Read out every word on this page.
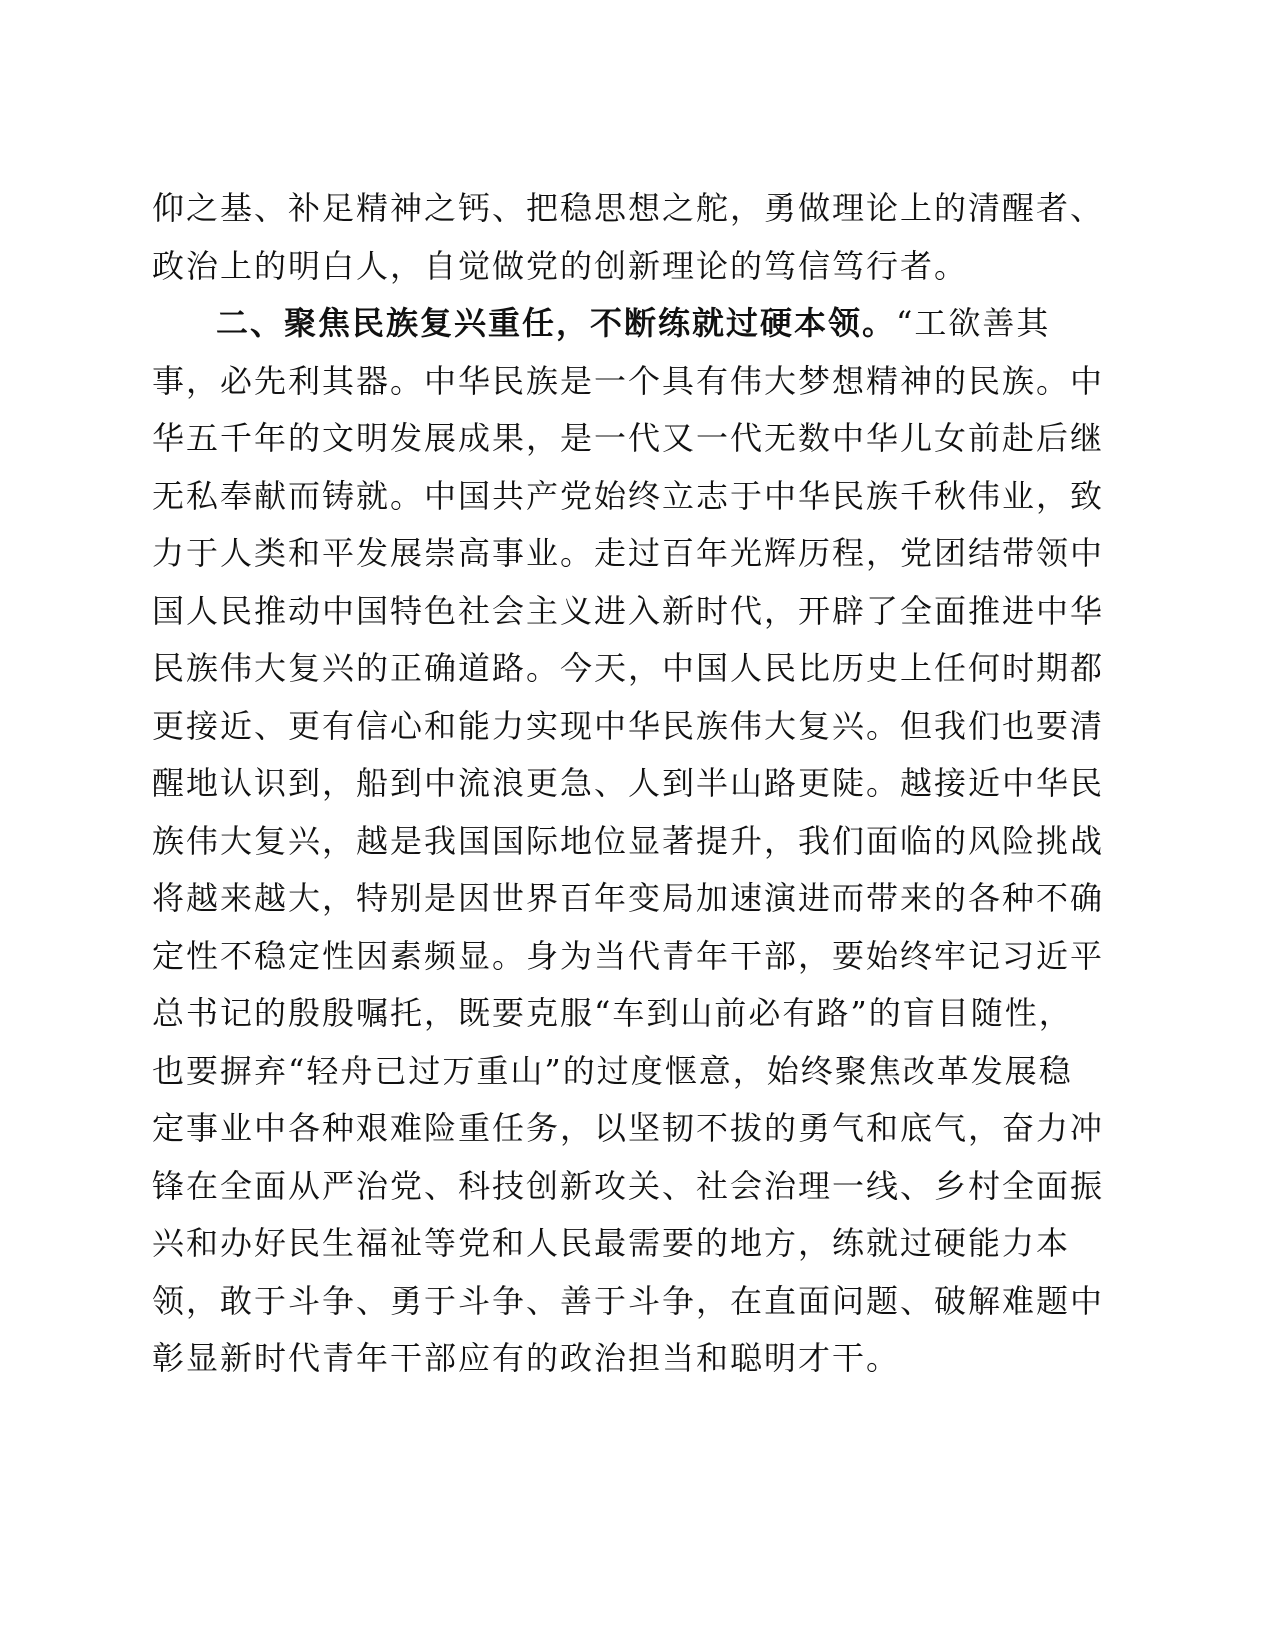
仰之基、补足精神之钙、把稳思想之舵，勇做理论上的清醒者、
政治上的明白人，自觉做党的创新理论的笃信笃行者。
二、聚焦民族复兴重任，不断练就过硬本领。“工欲善其
事，必先利其器。中华民族是一个具有伟大梦想精神的民族。中
华五千年的文明发展成果，是一代又一代无数中华儿女前赴后继
无私奉献而铸就。中国共产党始终立志于中华民族千秋伟业，致
力于人类和平发展崇高事业。走过百年光辉历程，党团结带领中
国人民推动中国特色社会主义进入新时代，开辟了全面推进中华
民族伟大复兴的正确道路。今天，中国人民比历史上任何时期都
更接近、更有信心和能力实现中华民族伟大复兴。但我们也要清
醒地认识到，船到中流浪更急、人到半山路更陡。越接近中华民
族伟大复兴，越是我国国际地位显著提升，我们面临的风险挑战
将越来越大，特别是因世界百年变局加速演进而带来的各种不确
定性不稳定性因素频显。身为当代青年干部，要始终牢记习近平
总书记的殷殷嘱托，既要克服“车到山前必有路”的盲目随性，
也要摒弃“轻舟已过万重山”的过度惬意，始终聚焦改革发展稳
定事业中各种艰难险重任务，以坚韧不拔的勇气和底气，奋力冲
锋在全面从严治党、科技创新攻关、社会治理一线、乡村全面振
兴和办好民生福祉等党和人民最需要的地方，练就过硬能力本
领，敢于斗争、勇于斗争、善于斗争，在直面问题、破解难题中
彰显新时代青年干部应有的政治担当和聪明才干。
